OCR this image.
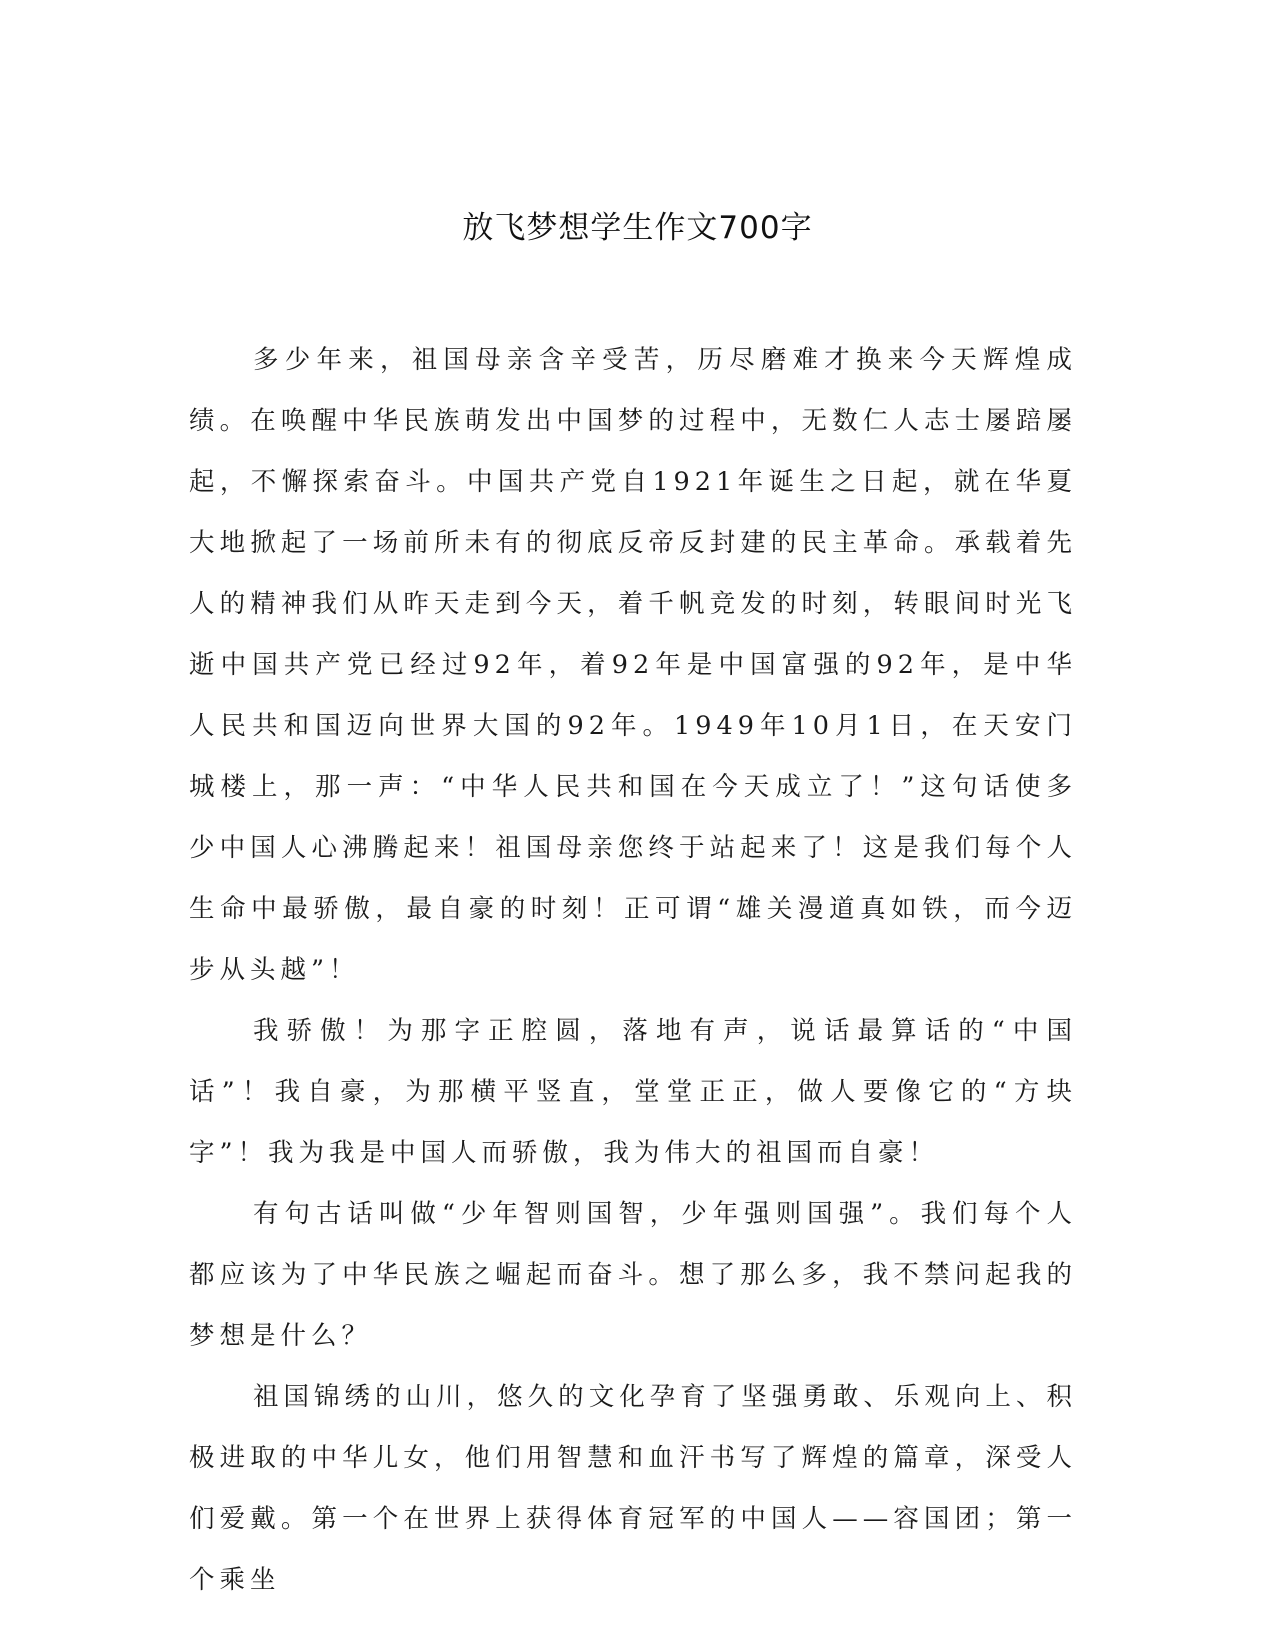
放飞梦想学生作文700字

多少年来，祖国母亲含辛受苦，历尽磨难才换来今天辉煌成绩。在唤醒中华民族萌发出中国梦的过程中，无数仁人志士屡踣屡起，不懈探索奋斗。中国共产党自1921年诞生之日起，就在华夏大地掀起了一场前所未有的彻底反帝反封建的民主革命。承载着先人的精神我们从昨天走到今天，着千帆竞发的时刻，转眼间时光飞逝中国共产党已经过92年，着92年是中国富强的92年，是中华人民共和国迈向世界大国的92年。1949年10月1日，在天安门城楼上，那一声：“中华人民共和国在今天成立了！”这句话使多少中国人心沸腾起来！祖国母亲您终于站起来了！这是我们每个人生命中最骄傲，最自豪的时刻！正可谓“雄关漫道真如铁，而今迈步从头越”！

我骄傲！为那字正腔圆，落地有声，说话最算话的“中国话”！我自豪，为那横平竖直，堂堂正正，做人要像它的“方块字”！我为我是中国人而骄傲，我为伟大的祖国而自豪！

有句古话叫做“少年智则国智，少年强则国强”。我们每个人都应该为了中华民族之崛起而奋斗。想了那么多，我不禁问起我的梦想是什么？

祖国锦绣的山川，悠久的文化孕育了坚强勇敢、乐观向上、积极进取的中华儿女，他们用智慧和血汗书写了辉煌的篇章，深受人们爱戴。第一个在世界上获得体育冠军的中国人——容国团；第一个乘坐
